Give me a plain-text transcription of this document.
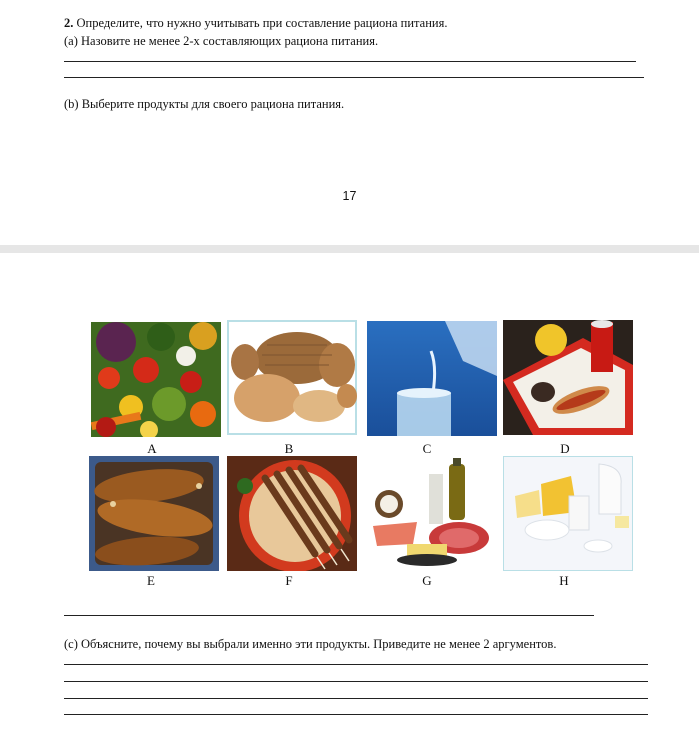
2. Определите, что нужно учитывать при составление рациона питания.
(a) Назовите не менее 2-х составляющих рациона питания.
(b) Выберите продукты для своего рациона питания.
17
A	B	C	D
E	F	G	H
(c) Объясните, почему вы выбрали именно эти продукты. Приведите не менее 2 аргументов.
